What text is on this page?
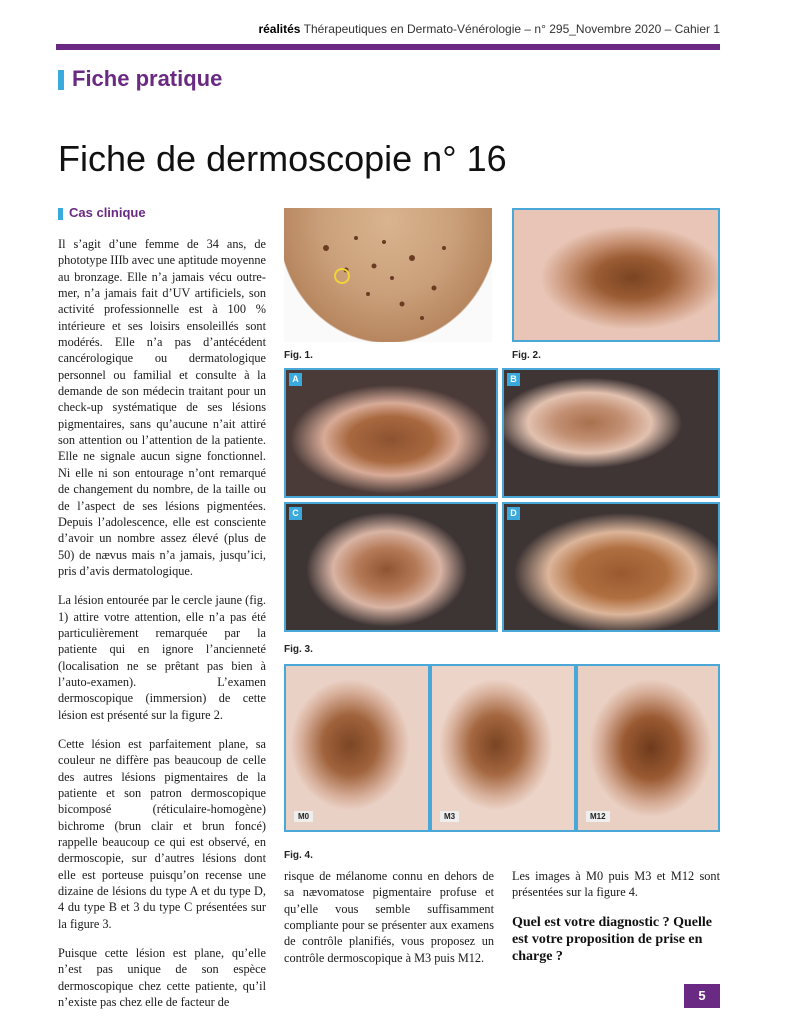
réalités Thérapeutiques en Dermato-Vénérologie – n° 295_Novembre 2020 – Cahier 1
Fiche pratique
Fiche de dermoscopie n° 16
Cas clinique

Il s’agit d’une femme de 34 ans, de phototype IIIb avec une aptitude moyenne au bronzage. Elle n’a jamais vécu outre-mer, n’a jamais fait d’UV artificiels, son activité professionnelle est à 100 % intérieure et ses loisirs ensoleillés sont modérés. Elle n’a pas d’antécédent cancérologique ou dermatologique personnel ou familial et consulte à la demande de son médecin traitant pour un check-up systématique de ses lésions pigmentaires, sans qu’aucune n’ait attiré son attention ou l’attention de la patiente. Elle ne signale aucun signe fonctionnel. Ni elle ni son entourage n’ont remarqué de changement du nombre, de la taille ou de l’aspect de ses lésions pigmentées. Depuis l’adolescence, elle est consciente d’avoir un nombre assez élevé (plus de 50) de nævus mais n’a jamais, jusqu’ici, pris d’avis dermatologique.

La lésion entourée par le cercle jaune (fig. 1) attire votre attention, elle n’a pas été particulièrement remarquée par la patiente qui en ignore l’ancienneté (localisation ne se prêtant pas bien à l’auto-examen). L’examen dermoscopique (immersion) de cette lésion est présenté sur la figure 2.

Cette lésion est parfaitement plane, sa couleur ne diffère pas beaucoup de celle des autres lésions pigmentaires de la patiente et son patron dermoscopique bicomposé (réticulaire-homogène) bichrome (brun clair et brun foncé) rappelle beaucoup ce qui est observé, en dermoscopie, sur d’autres lésions dont elle est porteuse puisqu’on recense une dizaine de lésions du type A et du type D, 4 du type B et 3 du type C présentées sur la figure 3.

Puisque cette lésion est plane, qu’elle n’est pas unique de son espèce dermoscopique chez cette patiente, qu’il n’existe pas chez elle de facteur de

Fig. 1.	Fig. 2.
A	B
C	D
Fig. 3.
M0	M3	M12
Fig. 4.

risque de mélanome connu en dehors de sa nævomatose pigmentaire profuse et qu’elle vous semble suffisamment compliante pour se présenter aux examens de contrôle planifiés, vous proposez un contrôle dermoscopique à M3 puis M12.

Les images à M0 puis M3 et M12 sont présentées sur la figure 4.

Quel est votre diagnostic ? Quelle est votre proposition de prise en charge ?

5
